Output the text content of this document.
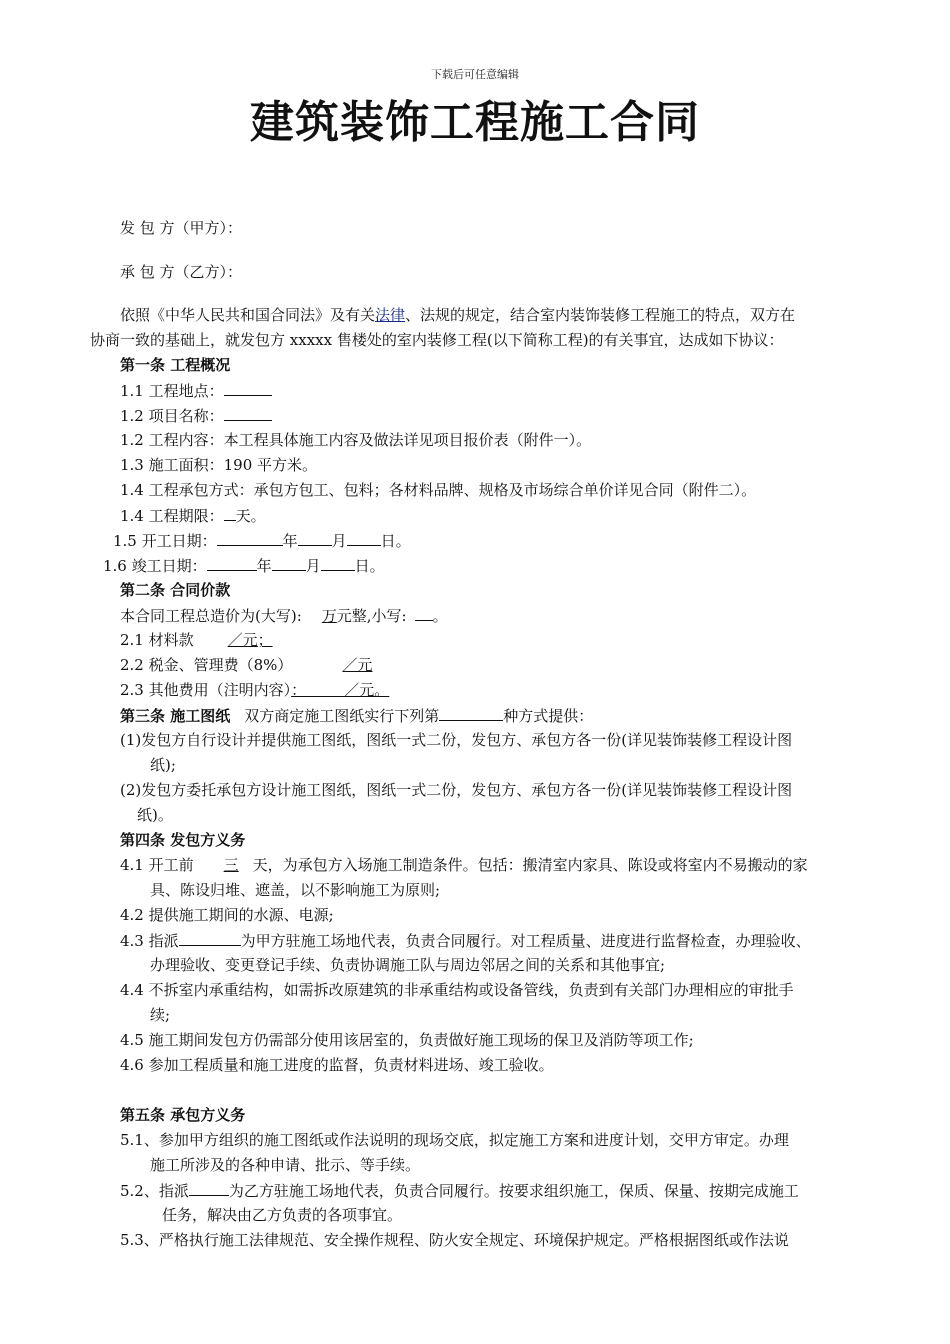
下载后可任意编辑
建筑装饰工程施工合同
发 包 方（甲方）：
承 包 方（乙方）：
依照《中华人民共和国合同法》及有关法律、法规的规定，结合室内装饰装修工程施工的特点，双方在
协商一致的基础上，就发包方 xxxxx 售楼处的室内装修工程(以下简称工程)的有关事宜，达成如下协议：
第一条 工程概况
1.1 工程地点：
1.2 项目名称：
1.2 工程内容：本工程具体施工内容及做法详见项目报价表（附件一）。
1.3 施工面积：190 平方米。
1.4 工程承包方式：承包方包工、包料；各材料品牌、规格及市场综合单价详见合同（附件二）。
1.4 工程期限： 天。
1.5 开工日期：	年 月 日。
1.6 竣工日期：	年 月 日。
第二条 合同价款
本合同工程总造价为(大写): 万元整,小写: 。
2.1 材料款 ／元；
2.2 税金、管理费（8%）	／元
2.3 其他费用（注明内容）：        ／元。
第三条 施工图纸 双方商定施工图纸实行下列第	种方式提供：
(1)发包方自行设计并提供施工图纸，图纸一式二份，发包方、承包方各一份(详见装饰装修工程设计图
纸);
(2)发包方委托承包方设计施工图纸，图纸一式二份，发包方、承包方各一份(详见装饰装修工程设计图
纸)。
第四条 发包方义务
4.1 开工前 三 天，为承包方入场施工制造条件。包括：搬清室内家具、陈设或将室内不易搬动的家
具、陈设归堆、遮盖，以不影响施工为原则;
4.2 提供施工期间的水源、电源;
4.3 指派	为甲方驻施工场地代表，负责合同履行。对工程质量、进度进行监督检查，办理验收、
办理验收、变更登记手续、负责协调施工队与周边邻居之间的关系和其他事宜;
4.4 不拆室内承重结构，如需拆改原建筑的非承重结构或设备管线，负责到有关部门办理相应的审批手
续;
4.5 施工期间发包方仍需部分使用该居室的，负责做好施工现场的保卫及消防等项工作;
4.6 参加工程质量和施工进度的监督，负责材料进场、竣工验收。
第五条 承包方义务
5.1、参加甲方组织的施工图纸或作法说明的现场交底，拟定施工方案和进度计划，交甲方审定。办理
施工所涉及的各种申请、批示、等手续。
5.2、指派	为乙方驻施工场地代表，负责合同履行。按要求组织施工，保质、保量、按期完成施工
任务，解决由乙方负责的各项事宜。
5.3、严格执行施工法律规范、安全操作规程、防火安全规定、环境保护规定。严格根据图纸或作法说
